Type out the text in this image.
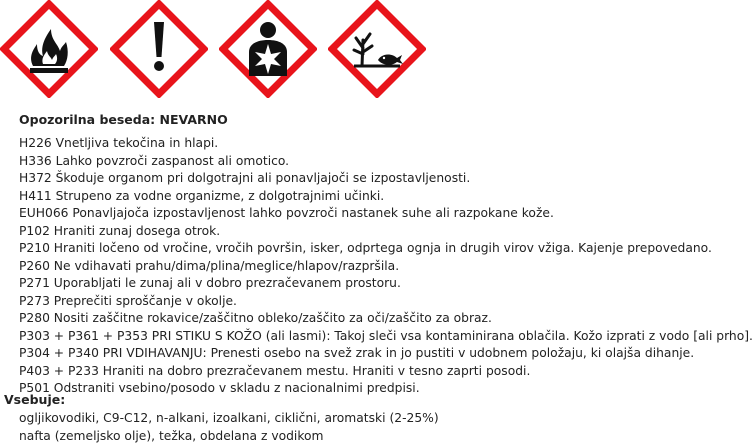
Opozorilna beseda: NEVARNO
H226 Vnetljiva tekočina in hlapi.
H336 Lahko povzroči zaspanost ali omotico.
H372 Škoduje organom pri dolgotrajni ali ponavljajoči se izpostavljenosti.
H411 Strupeno za vodne organizme, z dolgotrajnimi učinki.
EUH066 Ponavljajoča izpostavljenost lahko povzroči nastanek suhe ali razpokane kože.
P102 Hraniti zunaj dosega otrok.
P210 Hraniti ločeno od vročine, vročih površin, isker, odprtega ognja in drugih virov vžiga. Kajenje prepovedano.
P260 Ne vdihavati prahu/dima/plina/meglice/hlapov/razpršila.
P271 Uporabljati le zunaj ali v dobro prezračevanem prostoru.
P273 Preprečiti sproščanje v okolje.
P280 Nositi zaščitne rokavice/zaščitno obleko/zaščito za oči/zaščito za obraz.
P303 + P361 + P353 PRI STIKU S KOŽO (ali lasmi): Takoj sleči vsa kontaminirana oblačila. Kožo izprati z vodo [ali prho].
P304 + P340 PRI VDIHAVANJU: Prenesti osebo na svež zrak in jo pustiti v udobnem položaju, ki olajša dihanje.
P403 + P233 Hraniti na dobro prezračevanem mestu. Hraniti v tesno zaprti posodi.
P501 Odstraniti vsebino/posodo v skladu z nacionalnimi predpisi.
Vsebuje:
ogljikovodiki, C9-C12, n-alkani, izoalkani, ciklični, aromatski (2-25%)
nafta (zemeljsko olje), težka, obdelana z vodikom
